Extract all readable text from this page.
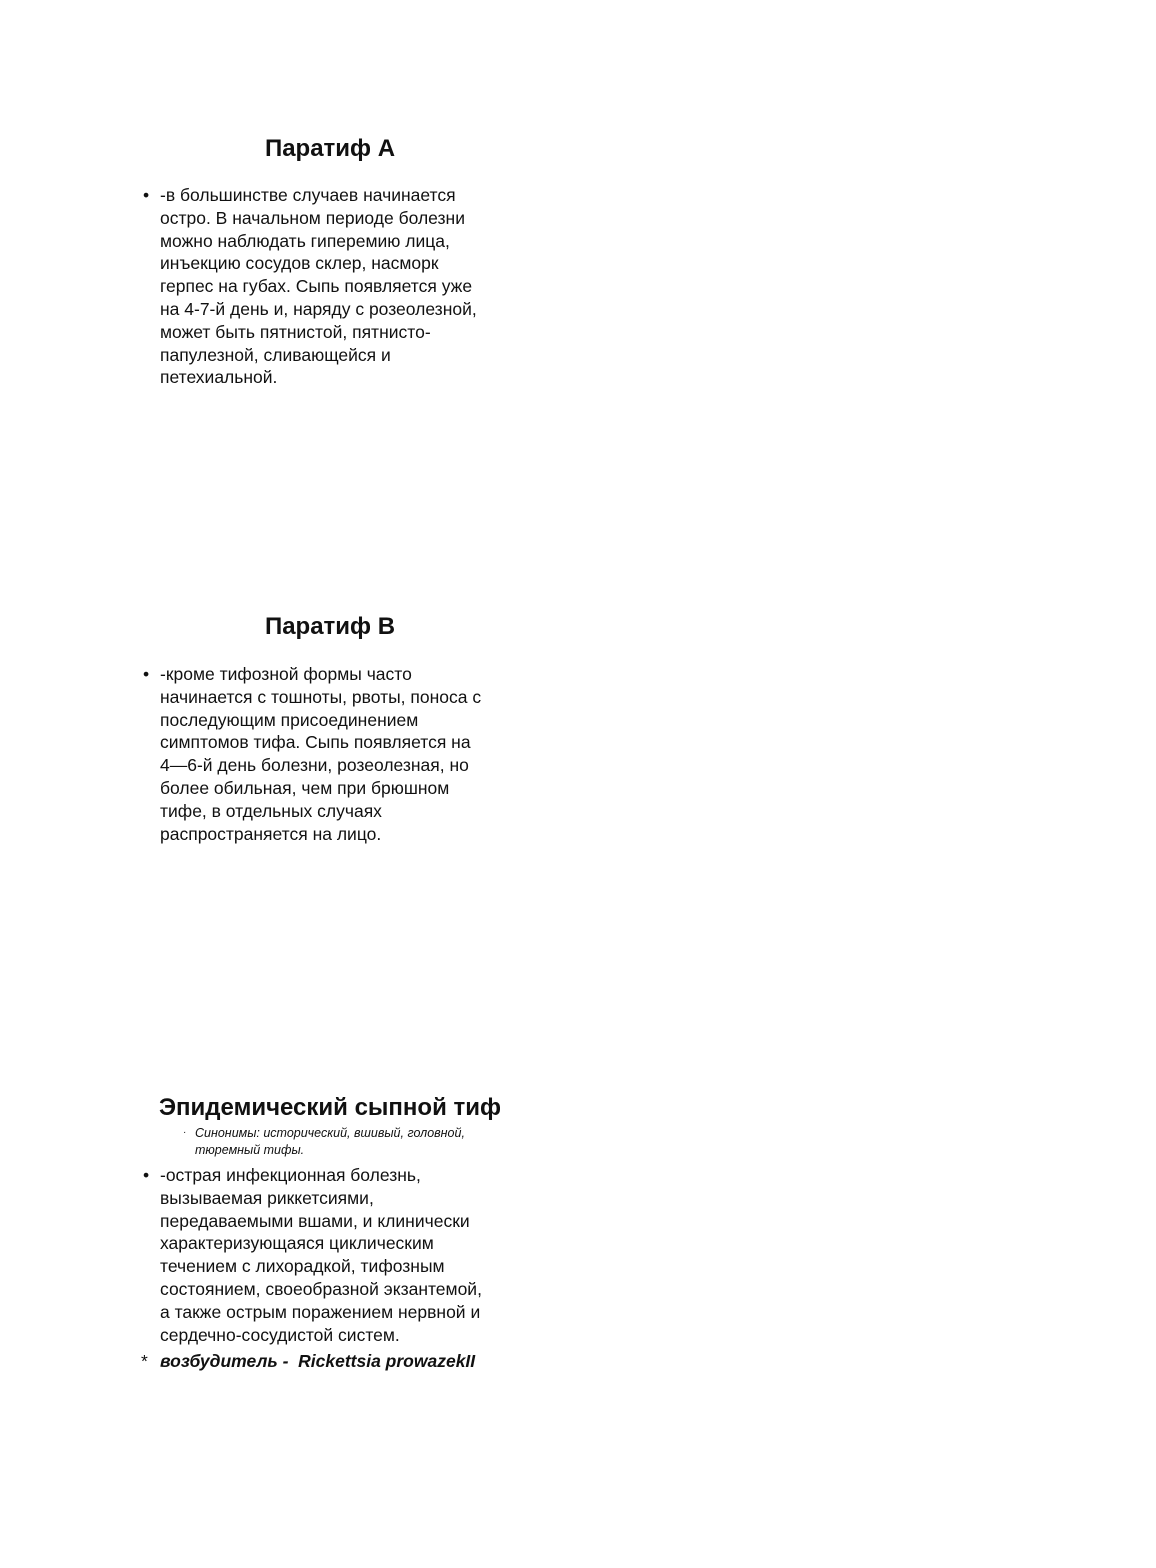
Паратиф А
• -в большинстве случаев начинается
остро. В начальном периоде болезни
можно наблюдать гиперемию лица,
инъекцию сосудов склер, насморк
герпес на губах. Сыпь появляется уже
на 4-7-й день и, наряду с розеолезной,
может быть пятнистой, пятнисто-
папулезной, сливающейся и
петехиальной.
Паратиф В
• -кроме тифозной формы часто
начинается с тошноты, рвоты, поноса с
последующим присоединением
симптомов тифа. Сыпь появляется на
4—6-й день болезни, розеолезная, но
более обильная, чем при брюшном
тифе, в отдельных случаях
распространяется на лицо.
Эпидемический сыпной тиф
· Синонимы: исторический, вшивый, головной,
тюремный тифы.
• -острая инфекционная болезнь,
вызываемая риккетсиями,
передаваемыми вшами, и клинически
характеризующаяся циклическим
течением с лихорадкой, тифозным
состоянием, своеобразной экзантемой,
а также острым поражением нервной и
сердечно-сосудистой систем.
* возбудитель -  Rickettsia prowazekII
